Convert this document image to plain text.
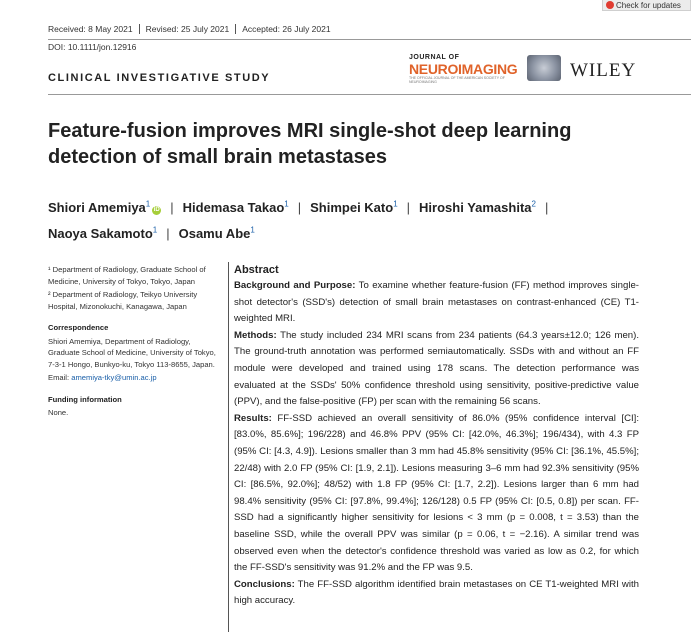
Check for updates
Received: 8 May 2021 Revised: 25 July 2021 Accepted: 26 July 2021
DOI: 10.1111/jon.12916
JOURNAL OF
NEUROIMAGING
THE OFFICIAL JOURNAL OF THE AMERICAN SOCIETY OF NEUROIMAGING
WILEY
CLINICAL INVESTIGATIVE STUDY
Feature-fusion improves MRI single-shot deep learning detection of small brain metastases
Shiori Amemiya$^1$iD | Hidemasa Takao$^1$ | Shimpei Kato$^1$ | Hiroshi Yamashita$^2$ |
Naoya Sakamoto$^1$ | Osamu Abe$^1$

¹ Department of Radiology, Graduate School of Medicine, University of Tokyo, Tokyo, Japan

² Department of Radiology, Teikyo University Hospital, Mizonokuchi, Kanagawa, Japan

Correspondence

Shiori Amemiya, Department of Radiology, Graduate School of Medicine, University of Tokyo, 7-3-1 Hongo, Bunkyo-ku, Tokyo 113-8655, Japan.

Email: amemiya-tky@umin.ac.jp

Funding information

None.

Abstract

Background and Purpose: To examine whether feature-fusion (FF) method improves single-shot detector's (SSD's) detection of small brain metastases on contrast-enhanced (CE) T1-weighted MRI.

Methods: The study included 234 MRI scans from 234 patients (64.3 years±12.0; 126 men). The ground-truth annotation was performed semiautomatically. SSDs with and without an FF module were developed and trained using 178 scans. The detection performance was evaluated at the SSDs' 50% confidence threshold using sensitivity, positive-predictive value (PPV), and the false-positive (FP) per scan with the remaining 56 scans.

Results: FF-SSD achieved an overall sensitivity of 86.0% (95% confidence interval [CI]: [83.0%, 85.6%]; 196/228) and 46.8% PPV (95% CI: [42.0%, 46.3%]; 196/434), with 4.3 FP (95% CI: [4.3, 4.9]). Lesions smaller than 3 mm had 45.8% sensitivity (95% CI: [36.1%, 45.5%]; 22/48) with 2.0 FP (95% CI: [1.9, 2.1]). Lesions measuring 3–6 mm had 92.3% sensitivity (95% CI: [86.5%, 92.0%]; 48/52) with 1.8 FP (95% CI: [1.7, 2.2]). Lesions larger than 6 mm had 98.4% sensitivity (95% CI: [97.8%, 99.4%]; 126/128) 0.5 FP (95% CI: [0.5, 0.8]) per scan. FF-SSD had a significantly higher sensitivity for lesions < 3 mm (p = 0.008, t = 3.53) than the baseline SSD, while the overall PPV was similar (p = 0.06, t = −2.16). A similar trend was observed even when the detector's confidence threshold was varied as low as 0.2, for which the FF-SSD's sensitivity was 91.2% and the FP was 9.5.

Conclusions: The FF-SSD algorithm identified brain metastases on CE T1-weighted MRI with high accuracy.
